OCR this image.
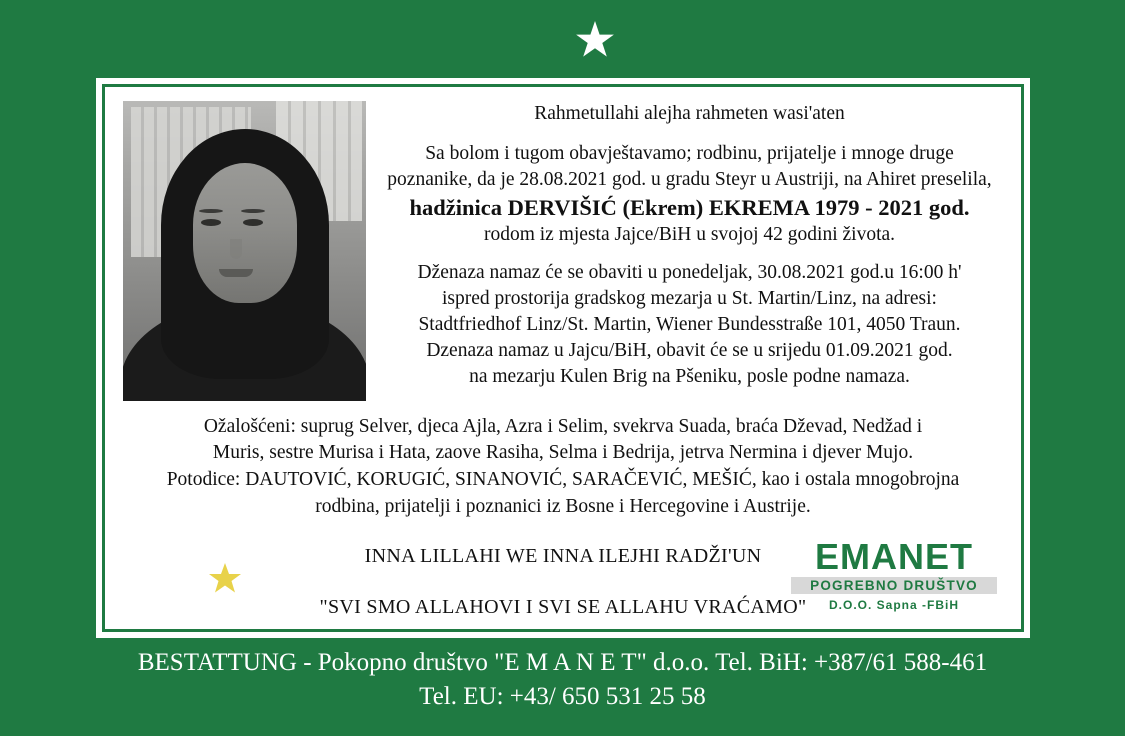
Rahmetullahi alejha rahmeten wasi'aten
Sa bolom i tugom obavještavamo; rodbinu, prijatelje i mnoge druge
poznanike, da je 28.08.2021 god. u gradu Steyr u Austriji, na Ahiret preselila,
hadžinica DERVIŠIĆ (Ekrem) EKREMA 1979 - 2021 god.
rodom iz mjesta Jajce/BiH u svojoj 42 godini života.
Dženaza namaz će se obaviti u ponedeljak, 30.08.2021 god.u 16:00 h'
ispred prostorija gradskog mezarja u St. Martin/Linz, na adresi:
Stadtfriedhof Linz/St. Martin, Wiener Bundesstraße 101, 4050 Traun.
Dzenaza namaz u Jajcu/BiH, obavit će se u srijedu 01.09.2021 god.
na mezarju Kulen Brig na Pšeniku, posle podne namaza.
Ožalošćeni: suprug Selver, djeca Ajla, Azra i Selim, svekrva Suada, braća Dževad, Nedžad i
Muris, sestre Murisa i Hata, zaove Rasiha, Selma i Bedrija, jetrva Nermina i djever Mujo.
Potodice: DAUTOVIĆ, KORUGIĆ, SINANOVIĆ, SARAČEVIĆ, MEŠIĆ, kao i ostala mnogobrojna
rodbina, prijatelji i poznanici iz Bosne i Hercegovine i Austrije.
INNA LILLAHI WE INNA ILEJHI RADŽI'UN
"SVI SMO ALLAHOVI I SVI SE ALLAHU VRAĆAMO"
EMANET
POGREBNO DRUŠTVO
D.O.O. Sapna -FBiH
BESTATTUNG - Pokopno društvo "E M A N E T" d.o.o. Tel. BiH: +387/61 588-461
Tel. EU: +43/ 650 531 25 58
